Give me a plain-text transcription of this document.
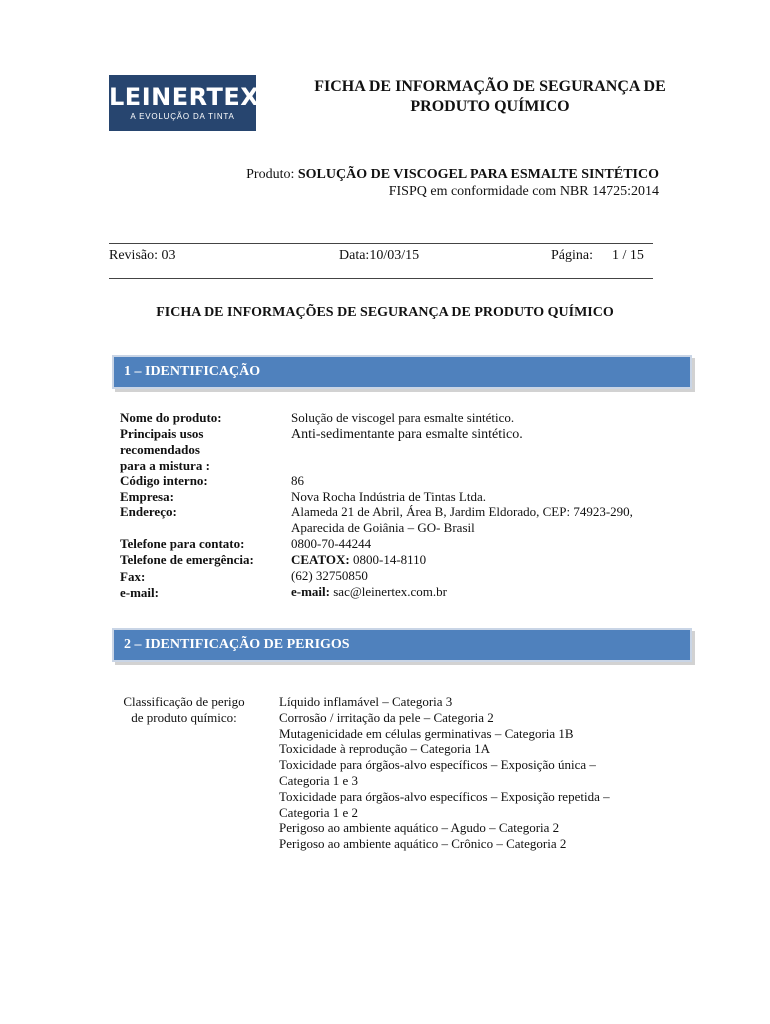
LEINERTEX
A EVOLUÇÃO DA TINTA
FICHA DE INFORMAÇÃO DE SEGURANÇA DE
PRODUTO QUÍMICO
Produto: SOLUÇÃO DE VISCOGEL PARA ESMALTE SINTÉTICO
FISPQ em conformidade com NBR 14725:2014
Revisão: 03	Data:10/03/15	Página: 1 / 15
FICHA DE INFORMAÇÕES DE SEGURANÇA DE PRODUTO QUÍMICO
1 – IDENTIFICAÇÃO
Nome do produto:
Principais usos
recomendados
para a mistura :
Código interno:
Empresa:
Endereço:
Telefone para contato:
Telefone de emergência:
Fax:
e-mail:
Solução de viscogel para esmalte sintético.
Anti-sedimentante para esmalte sintético.
86
Nova Rocha Indústria de Tintas Ltda.
Alameda 21 de Abril, Área B, Jardim Eldorado, CEP: 74923-290,
Aparecida de Goiânia – GO- Brasil
0800-70-44244
CEATOX: 0800-14-8110
(62) 32750850
e-mail: sac@leinertex.com.br
2 – IDENTIFICAÇÃO DE PERIGOS
Classificação de perigo
de produto químico:
Líquido inflamável – Categoria 3
Corrosão / irritação da pele – Categoria 2
Mutagenicidade em células germinativas – Categoria 1B
Toxicidade à reprodução – Categoria 1A
Toxicidade para órgãos-alvo específicos – Exposição única –
Categoria 1 e 3
Toxicidade para órgãos-alvo específicos – Exposição repetida –
Categoria 1 e 2
Perigoso ao ambiente aquático – Agudo – Categoria 2
Perigoso ao ambiente aquático – Crônico – Categoria 2
